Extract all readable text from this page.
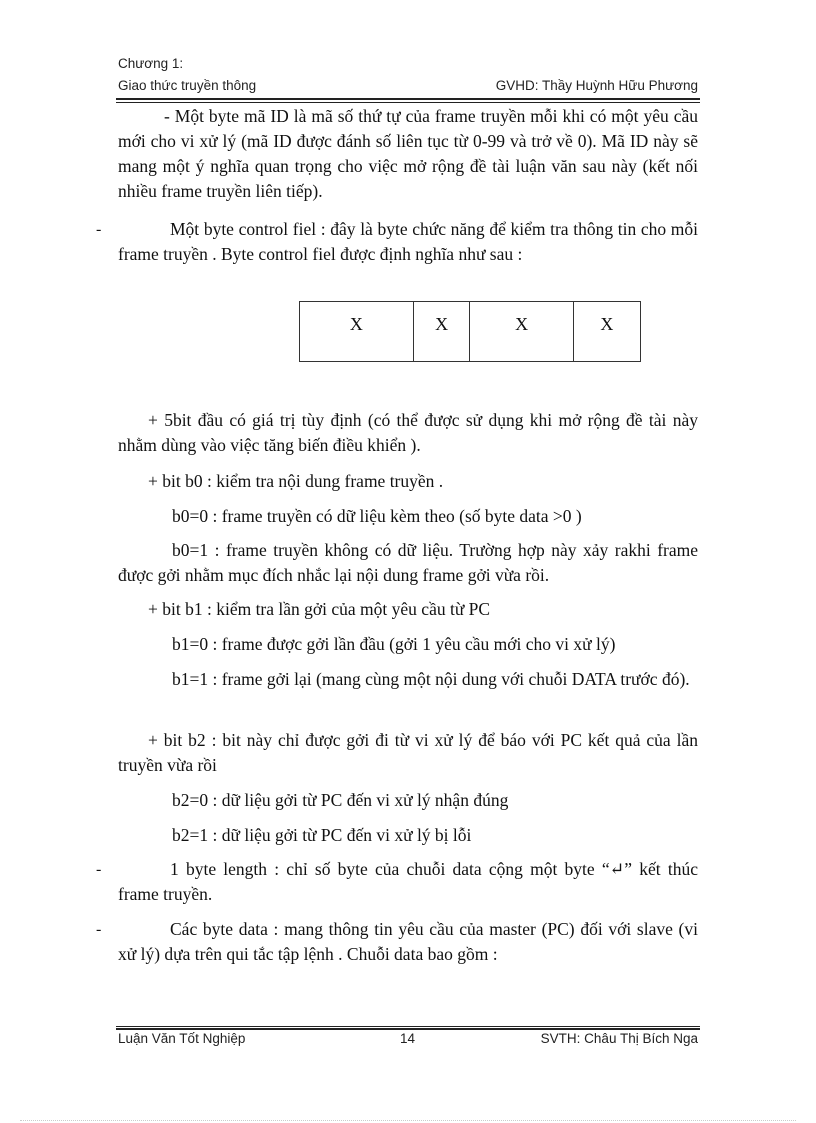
Chương 1:
Giao thức truyền thông	GVHD: Thầy Huỳnh Hữu Phương

- Một byte mã ID là mã số thứ tự của frame truyền mỗi khi có một yêu cầu mới cho vi xử lý (mã ID được đánh số liên tục từ 0-99 và trở về 0). Mã ID này sẽ mang một ý nghĩa quan trọng cho việc mở rộng đề tài luận văn sau này (kết nối nhiều frame truyền liên tiếp).

-	Một byte control fiel : đây là byte chức năng để kiểm tra thông tin cho mỗi frame truyền . Byte control fiel được định nghĩa như sau :

X	X	X	X

+ 5bit đầu có giá trị tùy định (có thể được sử dụng khi mở rộng đề tài này nhằm dùng vào việc tăng biến điều khiển ).

+ bit b0 : kiểm tra nội dung frame truyền .

b0=0 : frame truyền có dữ liệu kèm theo (số byte data >0 )

b0=1 : frame truyền không có dữ liệu. Trường hợp này xảy rakhi frame được gởi nhằm mục đích nhắc lại nội dung frame gởi vừa rồi.

+ bit b1 : kiểm tra lần gởi của một yêu cầu từ PC

b1=0 : frame được gởi lần đầu (gởi 1 yêu cầu mới cho vi xử lý)

b1=1 : frame gởi lại (mang cùng một nội dung với chuỗi DATA trước đó).

+ bit b2 : bit này chỉ được gởi đi từ vi xử lý để báo với PC kết quả của lần truyền vừa rồi

b2=0 : dữ liệu gởi từ PC đến vi xử lý nhận đúng

b2=1 : dữ liệu gởi từ PC đến vi xử lý bị lỗi

-	1 byte length : chỉ số byte của chuỗi data cộng một byte “↵” kết thúc frame truyền.

-	Các byte data : mang thông tin yêu cầu của master (PC) đối với slave (vi xử lý) dựa trên qui tắc tập lệnh . Chuỗi data bao gồm :

Luận Văn Tốt Nghiệp	14	SVTH: Châu Thị Bích Nga
